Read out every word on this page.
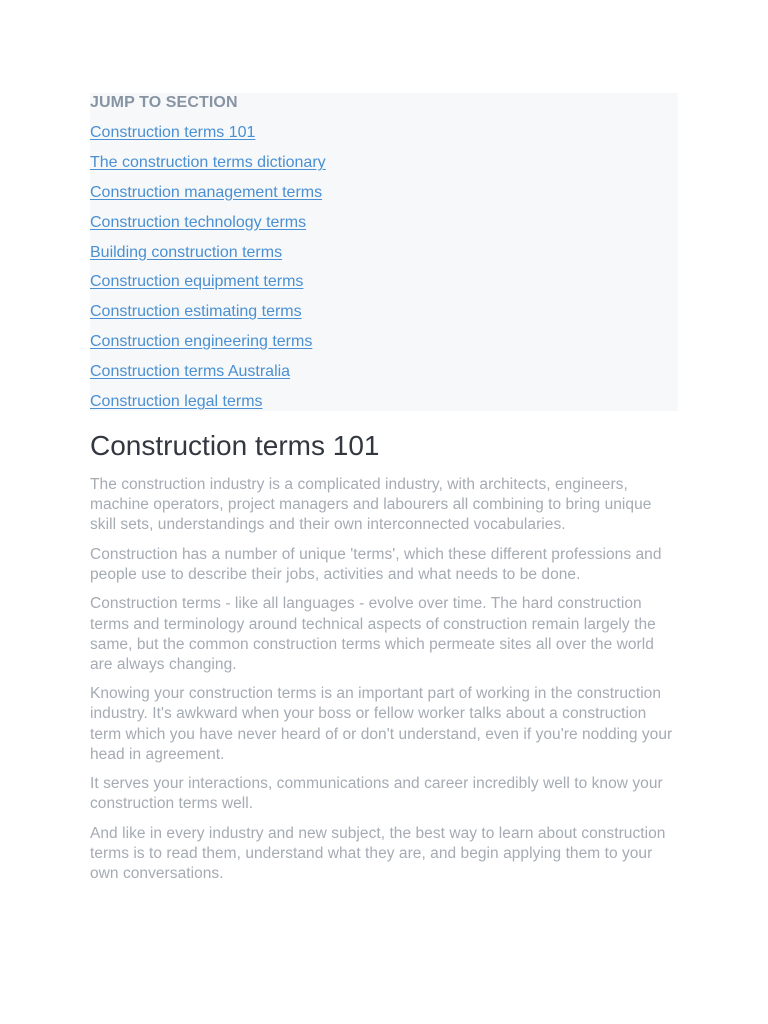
JUMP TO SECTION
Construction terms 101
The construction terms dictionary
Construction management terms
Construction technology terms
Building construction terms
Construction equipment terms
Construction estimating terms
Construction engineering terms
Construction terms Australia
Construction legal terms
Construction terms 101

The construction industry is a complicated industry, with architects, engineers, machine operators, project managers and labourers all combining to bring unique skill sets, understandings and their own interconnected vocabularies.

Construction has a number of unique 'terms', which these different professions and people use to describe their jobs, activities and what needs to be done.

Construction terms - like all languages - evolve over time. The hard construction terms and terminology around technical aspects of construction remain largely the same, but the common construction terms which permeate sites all over the world are always changing.

Knowing your construction terms is an important part of working in the construction industry. It's awkward when your boss or fellow worker talks about a construction term which you have never heard of or don't understand, even if you're nodding your head in agreement.

It serves your interactions, communications and career incredibly well to know your construction terms well.

And like in every industry and new subject, the best way to learn about construction terms is to read them, understand what they are, and begin applying them to your own conversations.
